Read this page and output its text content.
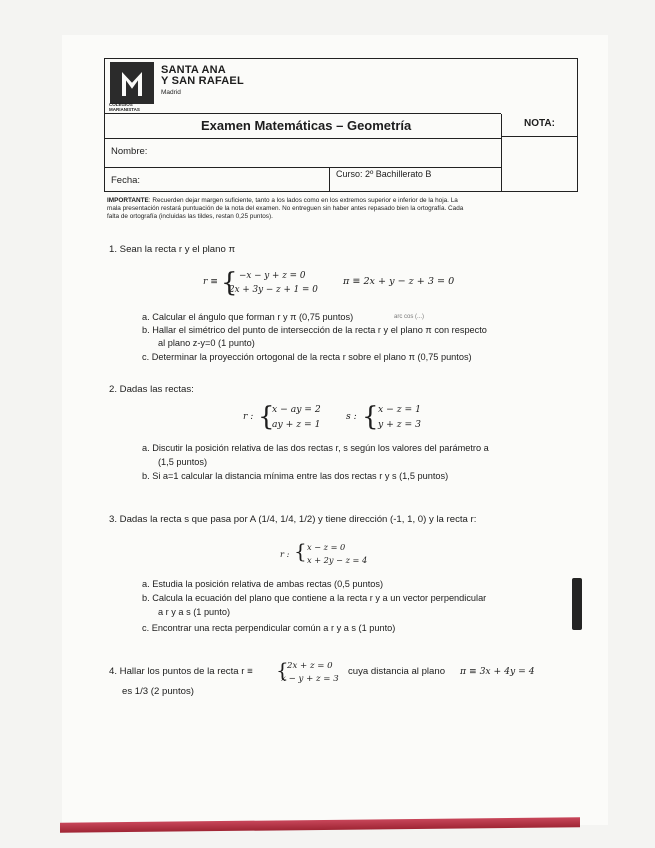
COLEGIOS
MARIANISTAS
SANTA ANA
Y SAN RAFAEL
Madrid
Examen Matemáticas – Geometría	NOTA:
Nombre:
Fecha:
Curso: 2º Bachillerato B
IMPORTANTE: Recuerden dejar margen suficiente, tanto a los lados como en los extremos superior e inferior de la hoja. La
mala presentación restará puntuación de la nota del examen. No entreguen sin haber antes repasado bien la ortografía. Cada
falta de ortografía (incluidas las tildes, restan 0,25 puntos).
1. Sean la recta r y el plano π
r ≡ { −x − y + z = 0
2x + 3y − z + 1 = 0
π ≡ 2x + y − z + 3 = 0
a. Calcular el ángulo que forman r y π (0,75 puntos)	arc cos (...)
b. Hallar el simétrico del punto de intersección de la recta r y el plano π con respecto
al plano z-y=0 (1 punto)
c. Determinar la proyección ortogonal de la recta r sobre el plano π (0,75 puntos)
2. Dadas las rectas:
r : {
x − ay = 2
ay + z = 1
s : { x − z = 1
y + z = 3
a. Discutir la posición relativa de las dos rectas r, s según los valores del parámetro a
(1,5 puntos)
b. Si a=1 calcular la distancia mínima entre las dos rectas r y s (1,5 puntos)
3. Dadas la recta s que pasa por A (1/4, 1/4, 1/2) y tiene dirección (-1, 1, 0) y la recta r:
r : { x − z = 0
x + 2y − z = 4
a. Estudia la posición relativa de ambas rectas (0,5 puntos)
b. Calcula la ecuación del plano que contiene a la recta r y a un vector perpendicular
a r y a s (1 punto)
c. Encontrar una recta perpendicular común a r y a s (1 punto)
4. Hallar los puntos de la recta r ≡ {
2x + z = 0
x − y + z = 3
cuya distancia al plano π ≡ 3x + 4y = 4
es 1/3 (2 puntos)
